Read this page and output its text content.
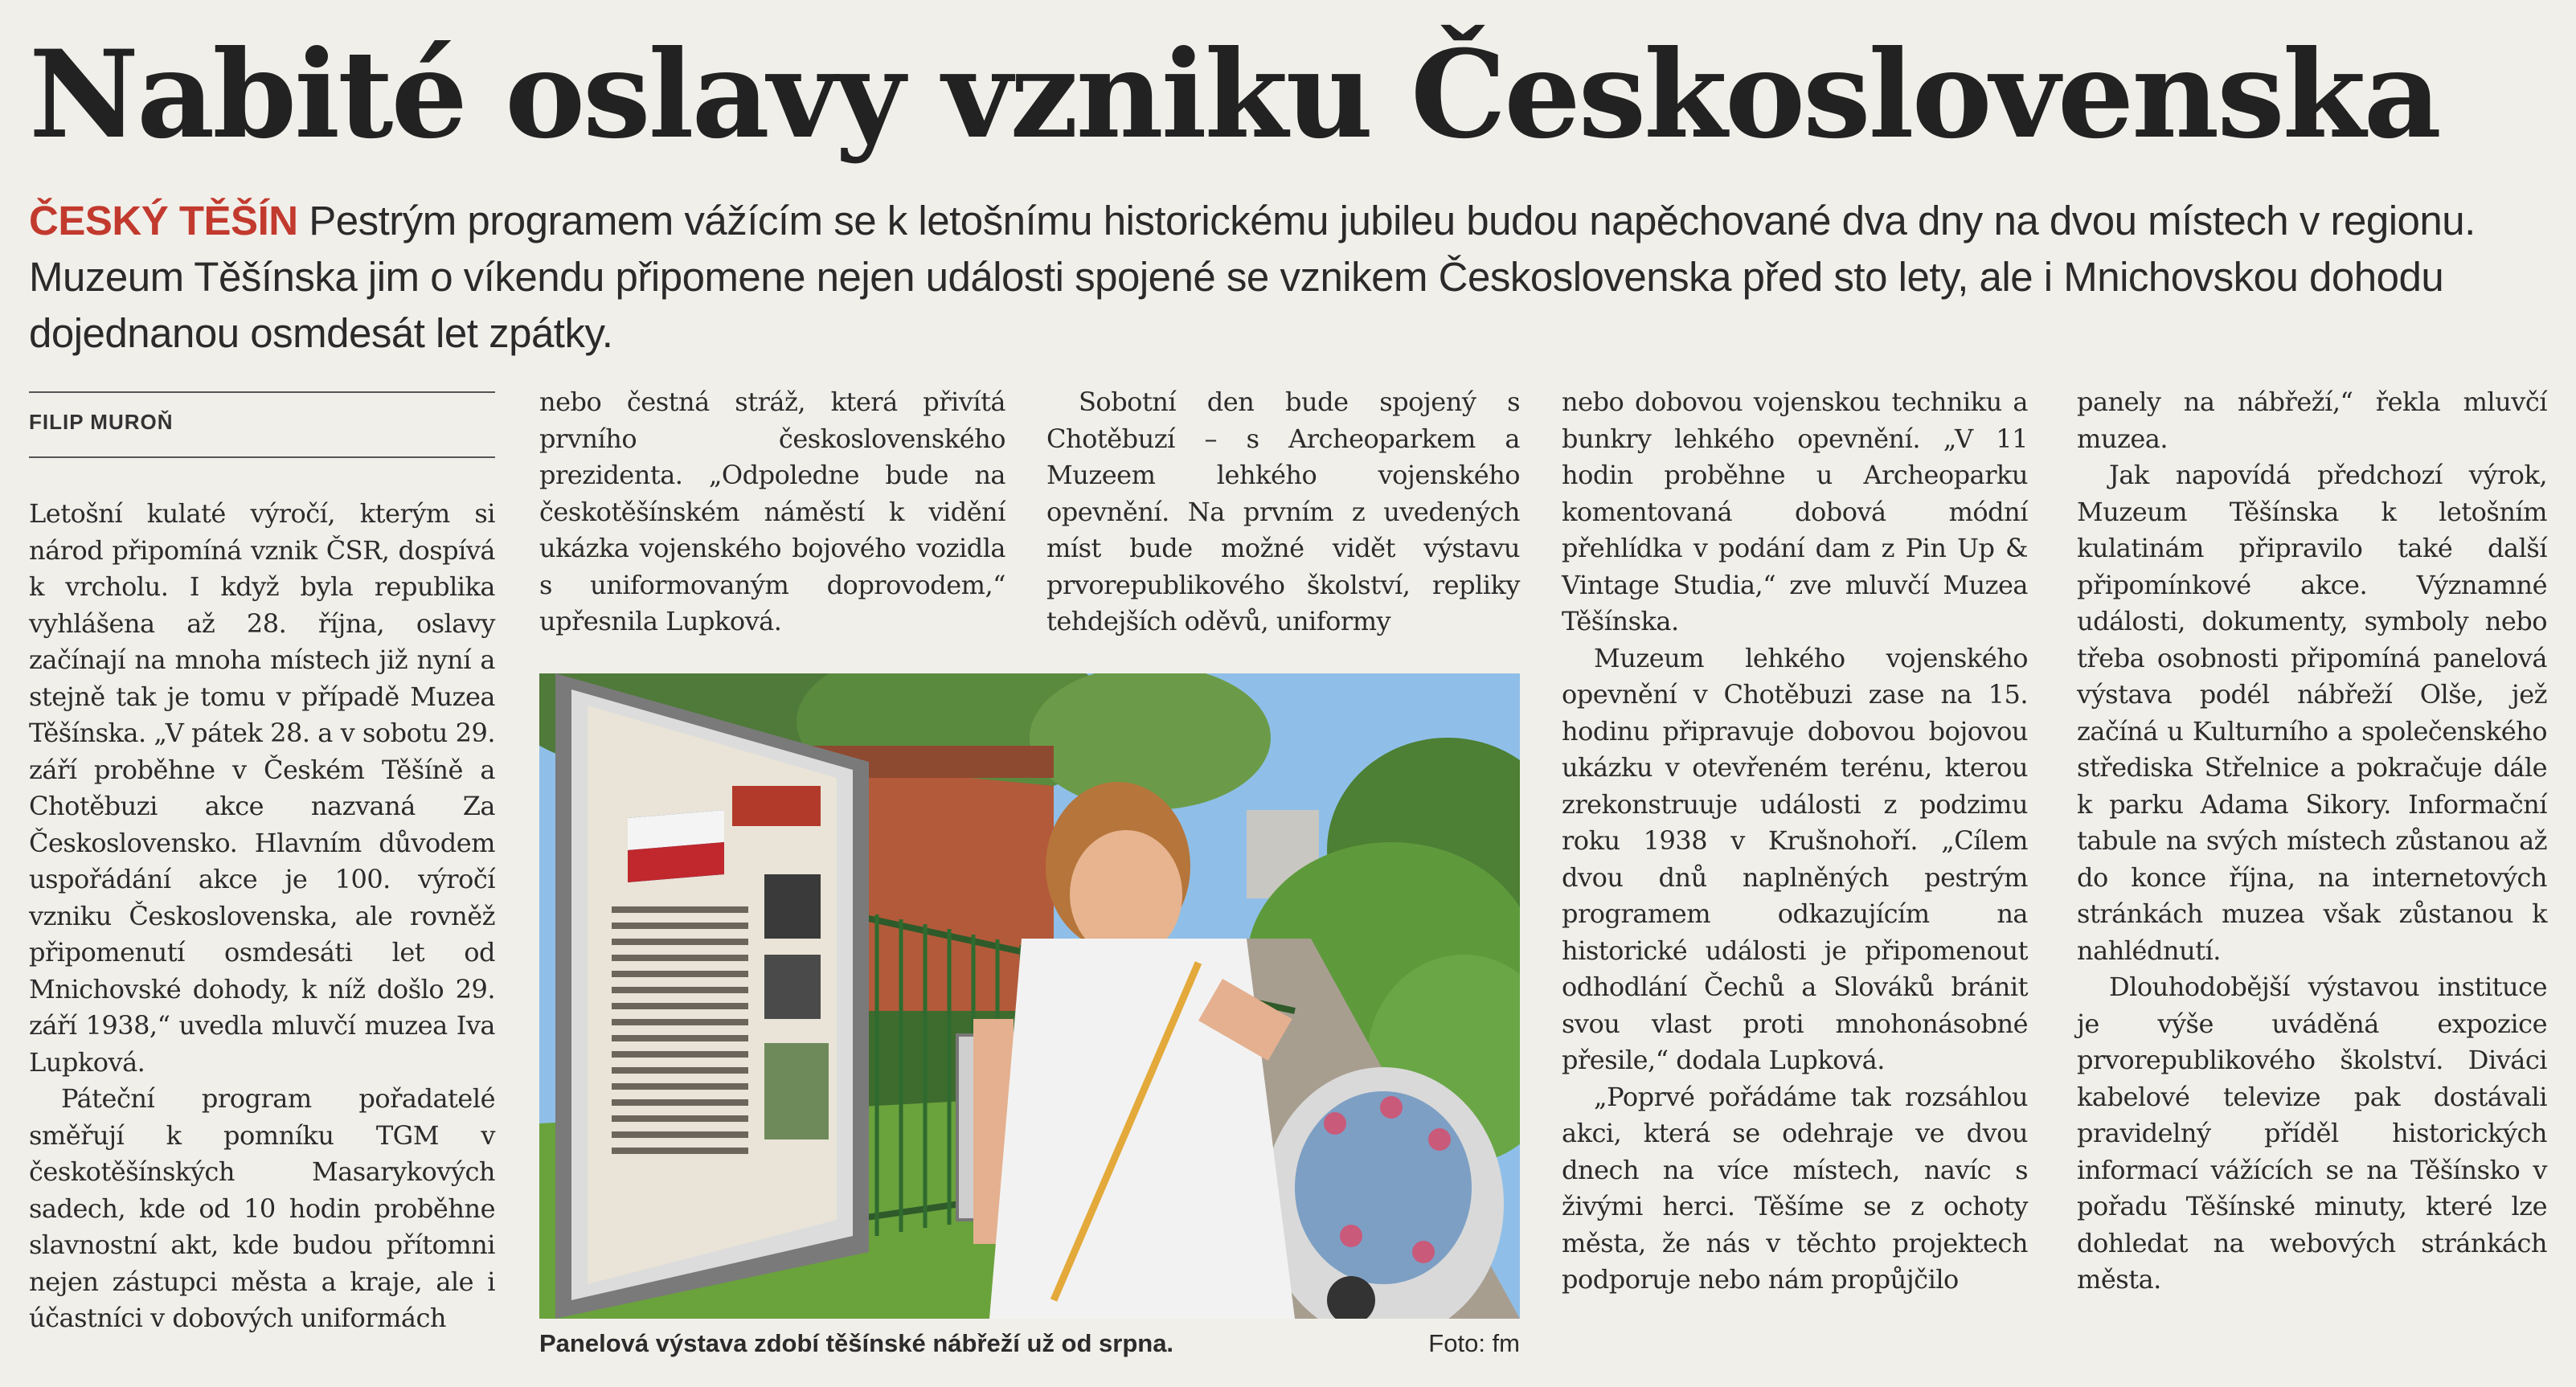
Nabité oslavy vzniku Československa
ČESKÝ TĚŠÍN Pestrým programem vážícím se k letošnímu historickému jubileu budou napěchované dva dny na dvou místech v regionu. Muzeum Těšínska jim o víkendu připomene nejen události spojené se vznikem Československa před sto lety, ale i Mnichovskou dohodu dojednanou osmdesát let zpátky.
FILIP MUROŇ

Letošní kulaté výročí, kterým si národ připomíná vznik ČSR, dospívá k vrcholu. I když byla republika vyhlášena až 28. října, oslavy začínají na mnoha místech již nyní a stejně tak je tomu v případě Muzea Těšínska. „V pátek 28. a v sobotu 29. září proběhne v Českém Těšíně a Chotěbuzi akce nazvaná Za Československo. Hlavním důvodem uspořádání akce je 100. výročí vzniku Československa, ale rovněž připomenutí osmdesáti let od Mnichovské dohody, k níž došlo 29. září 1938,“ uvedla mluvčí muzea Iva Lupková.

Páteční program pořadatelé směřují k pomníku TGM v českotěšínských Masarykových sadech, kde od 10 hodin proběhne slavnostní akt, kde budou přítomni nejen zástupci města a kraje, ale i účastníci v dobových uniformách

nebo čestná stráž, která přivítá prvního československého prezidenta. „Odpoledne bude na českotěšínském náměstí k vidění ukázka vojenského bojového vozidla s uniformovaným doprovodem,“ upřesnila Lupková.

Sobotní den bude spojený s Chotěbuzí – s Archeoparkem a Muzeem lehkého vojenského opevnění. Na prvním z uvedených míst bude možné vidět výstavu prvorepublikového školství, repliky tehdejších oděvů, uniformy

nebo dobovou vojenskou techniku a bunkry lehkého opevnění. „V 11 hodin proběhne u Archeoparku komentovaná dobová módní přehlídka v podání dam z Pin Up & Vintage Studia,“ zve mluvčí Muzea Těšínska.

Muzeum lehkého vojenského opevnění v Chotěbuzi zase na 15. hodinu připravuje dobovou bojovou ukázku v otevřeném terénu, kterou zrekonstruuje události z podzimu roku 1938 v Krušnohoří. „Cílem dvou dnů naplněných pestrým programem odkazujícím na historické události je připomenout odhodlání Čechů a Slováků bránit svou vlast proti mnohonásobné přesile,“ dodala Lupková.

„Poprvé pořádáme tak rozsáhlou akci, která se odehraje ve dvou dnech na více místech, navíc s živými herci. Těšíme se z ochoty města, že nás v těchto projektech podporuje nebo nám propůjčilo

panely na nábřeží,“ řekla mluvčí muzea.

Jak napovídá předchozí výrok, Muzeum Těšínska k letošním kulatinám připravilo také další připomínkové akce. Významné události, dokumenty, symboly nebo třeba osobnosti připomíná panelová výstava podél nábřeží Olše, jež začíná u Kulturního a společenského střediska Střelnice a pokračuje dále k parku Adama Sikory. Informační tabule na svých místech zůstanou až do konce října, na internetových stránkách muzea však zůstanou k nahlédnutí.

Dlouhodobější výstavou instituce je výše uváděná expozice prvorepublikového školství. Diváci kabelové televize pak dostávali pravidelný příděl historických informací vážících se na Těšínsko v pořadu Těšínské minuty, které lze dohledat na webových stránkách města.

Panelová výstava zdobí těšínské nábřeží už od srpna.	Foto: fm
